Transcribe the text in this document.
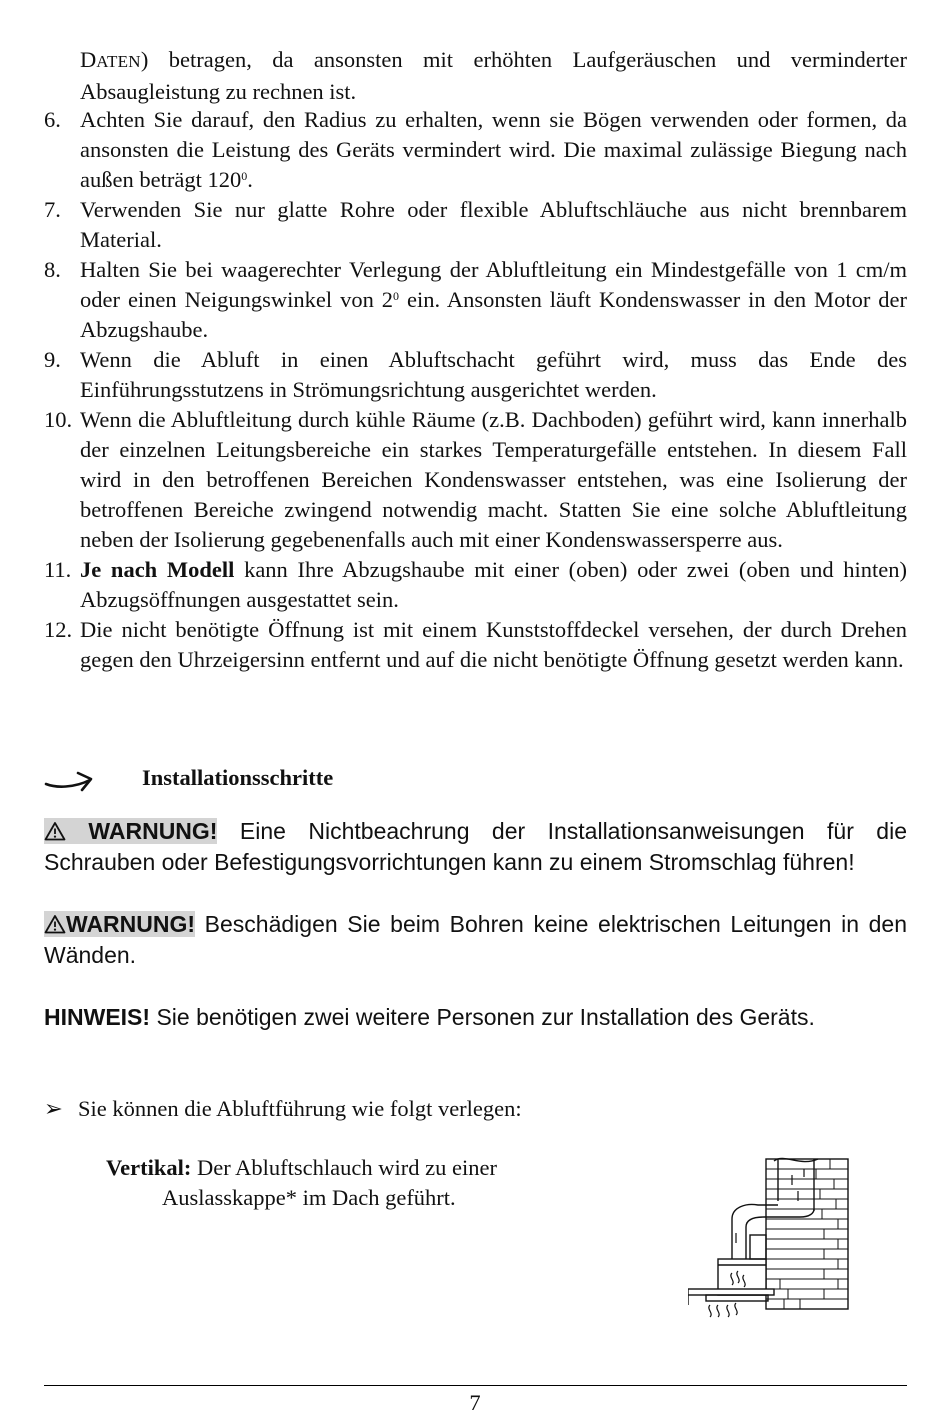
DATEN) betragen, da ansonsten mit erhöhten Laufgeräuschen und verminderter Absaugleistung zu rechnen ist.
6. Achten Sie darauf, den Radius zu erhalten, wenn sie Bögen verwenden oder formen, da ansonsten die Leistung des Geräts vermindert wird. Die maximal zulässige Biegung nach außen beträgt $120^0$.
7. Verwenden Sie nur glatte Rohre oder flexible Abluftschläuche aus nicht brennbarem Material.
8. Halten Sie bei waagerechter Verlegung der Abluftleitung ein Mindestgefälle von 1 cm/m oder einen Neigungswinkel von $2^0$ ein. Ansonsten läuft Kondenswasser in den Motor der Abzugshaube.
9. Wenn die Abluft in einen Abluftschacht geführt wird, muss das Ende des Einführungsstutzens in Strömungsrichtung ausgerichtet werden.
10. Wenn die Abluftleitung durch kühle Räume (z.B. Dachboden) geführt wird, kann innerhalb der einzelnen Leitungsbereiche ein starkes Temperaturgefälle entstehen. In diesem Fall wird in den betroffenen Bereichen Kondenswasser entstehen, was eine Isolierung der betroffenen Bereiche zwingend notwendig macht. Statten Sie eine solche Abluftleitung neben der Isolierung gegebenenfalls auch mit einer Kondenswassersperre aus.
11. Je nach Modell kann Ihre Abzugshaube mit einer (oben) oder zwei (oben und hinten) Abzugsöffnungen ausgestattet sein.
12. Die nicht benötigte Öffnung ist mit einem Kunststoffdeckel versehen, der durch Drehen gegen den Uhrzeigersinn entfernt und auf die nicht benötigte Öffnung gesetzt werden kann.
Installationsschritte
WARNUNG! Eine Nichtbeachrung der Installationsanweisungen für die Schrauben oder Befestigungsvorrichtungen kann zu einem Stromschlag führen!
WARNUNG! Beschädigen Sie beim Bohren keine elektrischen Leitungen in den Wänden.
HINWEIS! Sie benötigen zwei weitere Personen zur Installation des Geräts.
➢ Sie können die Abluftführung wie folgt verlegen:
Vertikal: Der Abluftschlauch wird zu einer
Auslasskappe* im Dach geführt.
7
